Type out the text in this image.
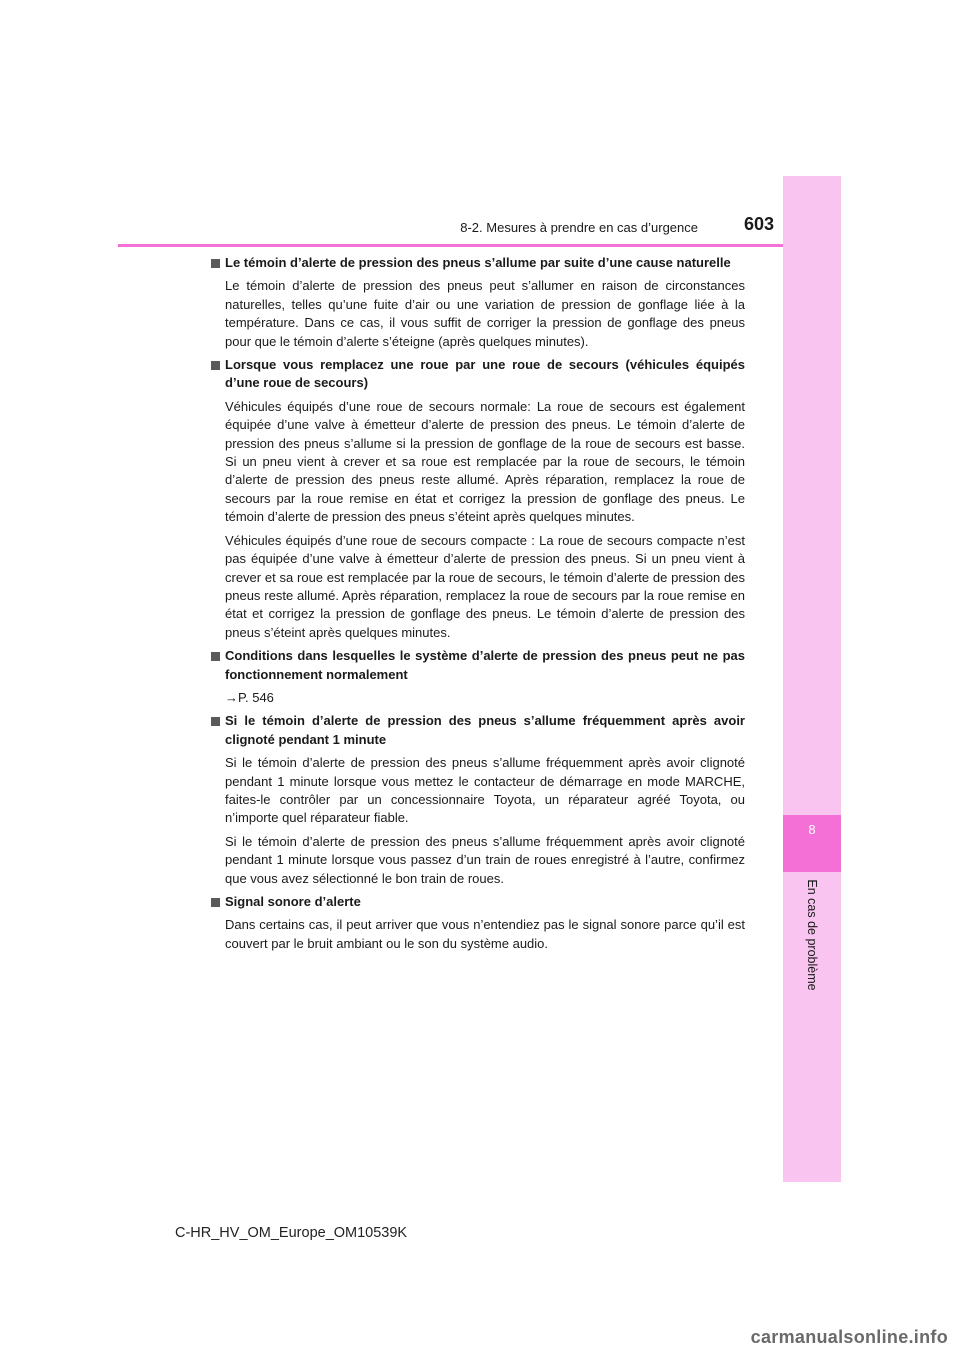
8
En cas de problème
8-2. Mesures à prendre en cas d’urgence	603
Le témoin d’alerte de pression des pneus s’allume par suite d’une cause naturelle

Le témoin d’alerte de pression des pneus peut s’allumer en raison de circonstances naturelles, telles qu’une fuite d’air ou une variation de pression de gonflage liée à la température. Dans ce cas, il vous suffit de corriger la pression de gonflage des pneus pour que le témoin d’alerte s’éteigne (après quelques minutes).

Lorsque vous remplacez une roue par une roue de secours (véhicules équipés d’une roue de secours)

Véhicules équipés d’une roue de secours normale: La roue de secours est également équipée d’une valve à émetteur d’alerte de pression des pneus. Le témoin d’alerte de pression des pneus s’allume si la pression de gonflage de la roue de secours est basse. Si un pneu vient à crever et sa roue est remplacée par la roue de secours, le témoin d’alerte de pression des pneus reste allumé. Après réparation, remplacez la roue de secours par la roue remise en état et corrigez la pression de gonflage des pneus. Le témoin d’alerte de pression des pneus s’éteint après quelques minutes.

Véhicules équipés d’une roue de secours compacte : La roue de secours compacte n’est pas équipée d’une valve à émetteur d’alerte de pression des pneus. Si un pneu vient à crever et sa roue est remplacée par la roue de secours, le témoin d’alerte de pression des pneus reste allumé. Après réparation, remplacez la roue de secours par la roue remise en état et corrigez la pression de gonflage des pneus. Le témoin d’alerte de pression des pneus s’éteint après quelques minutes.

Conditions dans lesquelles le système d’alerte de pression des pneus peut ne pas fonctionnement normalement

→P. 546

Si le témoin d’alerte de pression des pneus s’allume fréquemment après avoir clignoté pendant 1 minute

Si le témoin d’alerte de pression des pneus s’allume fréquemment après avoir clignoté pendant 1 minute lorsque vous mettez le contacteur de démarrage en mode MARCHE, faites-le contrôler par un concessionnaire Toyota, un réparateur agréé Toyota, ou n’importe quel réparateur fiable.

Si le témoin d’alerte de pression des pneus s’allume fréquemment après avoir clignoté pendant 1 minute lorsque vous passez d’un train de roues enregistré à l’autre, confirmez que vous avez sélectionné le bon train de roues.

Signal sonore d’alerte

Dans certains cas, il peut arriver que vous n’entendiez pas le signal sonore parce qu’il est couvert par le bruit ambiant ou le son du système audio.

C-HR_HV_OM_Europe_OM10539K
carmanualsonline.info
